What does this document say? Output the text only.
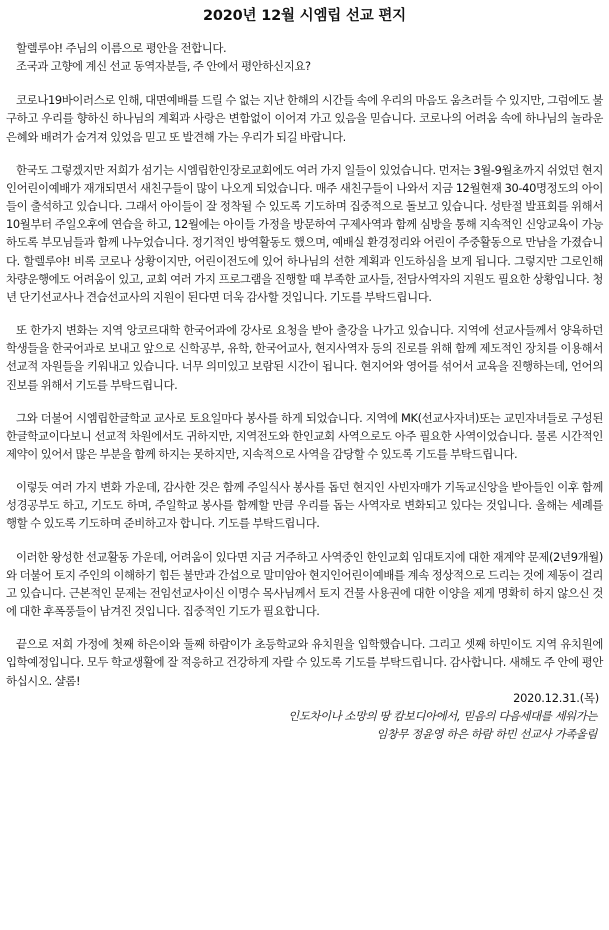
2020년 12월 시엠립 선교 편지

할렐루야! 주님의 이름으로 평안을 전합니다.
조국과 고향에 계신 선교 동역자분들, 주 안에서 평안하신지요?

코로나19바이러스로 인해, 대면예배를 드릴 수 없는 지난 한해의 시간들 속에 우리의 마음도 움츠러들 수 있지만, 그럼에도 불구하고 우리를 향하신 하나님의 계획과 사랑은 변함없이 이어져 가고 있음을 믿습니다. 코로나의 어려움 속에 하나님의 놀라운 은혜와 배려가 숨겨져 있었음 믿고 또 발견해 가는 우리가 되길 바랍니다.

한국도 그렇겠지만 저희가 섬기는 시엠립한인장로교회에도 여러 가지 일들이 있었습니다. 먼저는 3월-9월초까지 쉬었던 현지인어린이예배가 재개되면서 새친구들이 많이 나오게 되었습니다. 매주 새친구들이 나와서 지금 12월현재 30-40명정도의 아이들이 출석하고 있습니다. 그래서 아이들이 잘 정착될 수 있도록 기도하며 집중적으로 돌보고 있습니다. 성탄절 발표회를 위해서 10월부터 주일오후에 연습을 하고, 12월에는 아이들 가정을 방문하여 구제사역과 함께 심방을 통해 지속적인 신앙교육이 가능하도록 부모님들과 함께 나누었습니다. 정기적인 방역활동도 했으며, 예배실 환경정리와 어린이 주중활동으로 만남을 가졌습니다. 할렐루야! 비록 코로나 상황이지만, 어린이전도에 있어 하나님의 선한 계획과 인도하심을 보게 됩니다. 그렇지만 그로인해 차량운행에도 어려움이 있고, 교회 여러 가지 프로그램을 진행할 때 부족한 교사들, 전담사역자의 지원도 필요한 상황입니다. 청년 단기선교사나 견습선교사의 지원이 된다면 더욱 감사할 것입니다. 기도를 부탁드립니다.

또 한가지 변화는 지역 앙코르대학 한국어과에 강사로 요청을 받아 출강을 나가고 있습니다. 지역에 선교사들께서 양육하던 학생들을 한국어과로 보내고 앞으로 신학공부, 유학, 한국어교사, 현지사역자 등의 진로를 위해 함께 제도적인 장치를 이용해서 선교적 자원들을 키워내고 있습니다. 너무 의미있고 보람된 시간이 됩니다. 현지어와 영어를 섞어서 교육을 진행하는데, 언어의 진보를 위해서 기도를 부탁드립니다.

그와 더불어 시엠립한글학교 교사로 토요일마다 봉사를 하게 되었습니다. 지역에 MK(선교사자녀)또는 교민자녀들로 구성된 한글학교이다보니 선교적 차원에서도 귀하지만, 지역전도와 한인교회 사역으로도 아주 필요한 사역이었습니다. 물론 시간적인 제약이 있어서 많은 부분을 함께 하지는 못하지만, 지속적으로 사역을 감당할 수 있도록 기도를 부탁드립니다.

이렇듯 여러 가지 변화 가운데, 감사한 것은 함께 주일식사 봉사를 돕던 현지인 사빈자매가 기독교신앙을 받아들인 이후 함께 성경공부도 하고, 기도도 하며, 주일학교 봉사를 함께할 만큼 우리를 돕는 사역자로 변화되고 있다는 것입니다. 올해는 세례를 행할 수 있도록 기도하며 준비하고자 합니다. 기도를 부탁드립니다.

이러한 왕성한 선교활동 가운데, 어려움이 있다면 지금 거주하고 사역중인 한인교회 임대토지에 대한 재계약 문제(2년9개월)와 더불어 토지 주인의 이해하기 힘든 불만과 간섭으로 말미암아 현지인어린이예배를 계속 정상적으로 드리는 것에 제동이 걸리고 있습니다. 근본적인 문제는 전임선교사이신 이명수 목사님께서 토지 건물 사용권에 대한 이양을 제게 명확히 하지 않으신 것에 대한 후폭풍들이 남겨진 것입니다. 집중적인 기도가 필요합니다.

끝으로 저희 가정에 첫째 하은이와 둘째 하람이가 초등학교와 유치원을 입학했습니다. 그리고 셋째 하민이도 지역 유치원에 입학예정입니다. 모두 학교생활에 잘 적응하고 건강하게 자랄 수 있도록 기도를 부탁드립니다. 감사합니다. 새해도 주 안에 평안하십시오. 샬롬!

2020.12.31.(목)

인도차이나 소망의 땅 캄보디아에서, 믿음의 다음세대를 세워가는

임창무 정윤영 하은 하람 하민 선교사 가족올림
